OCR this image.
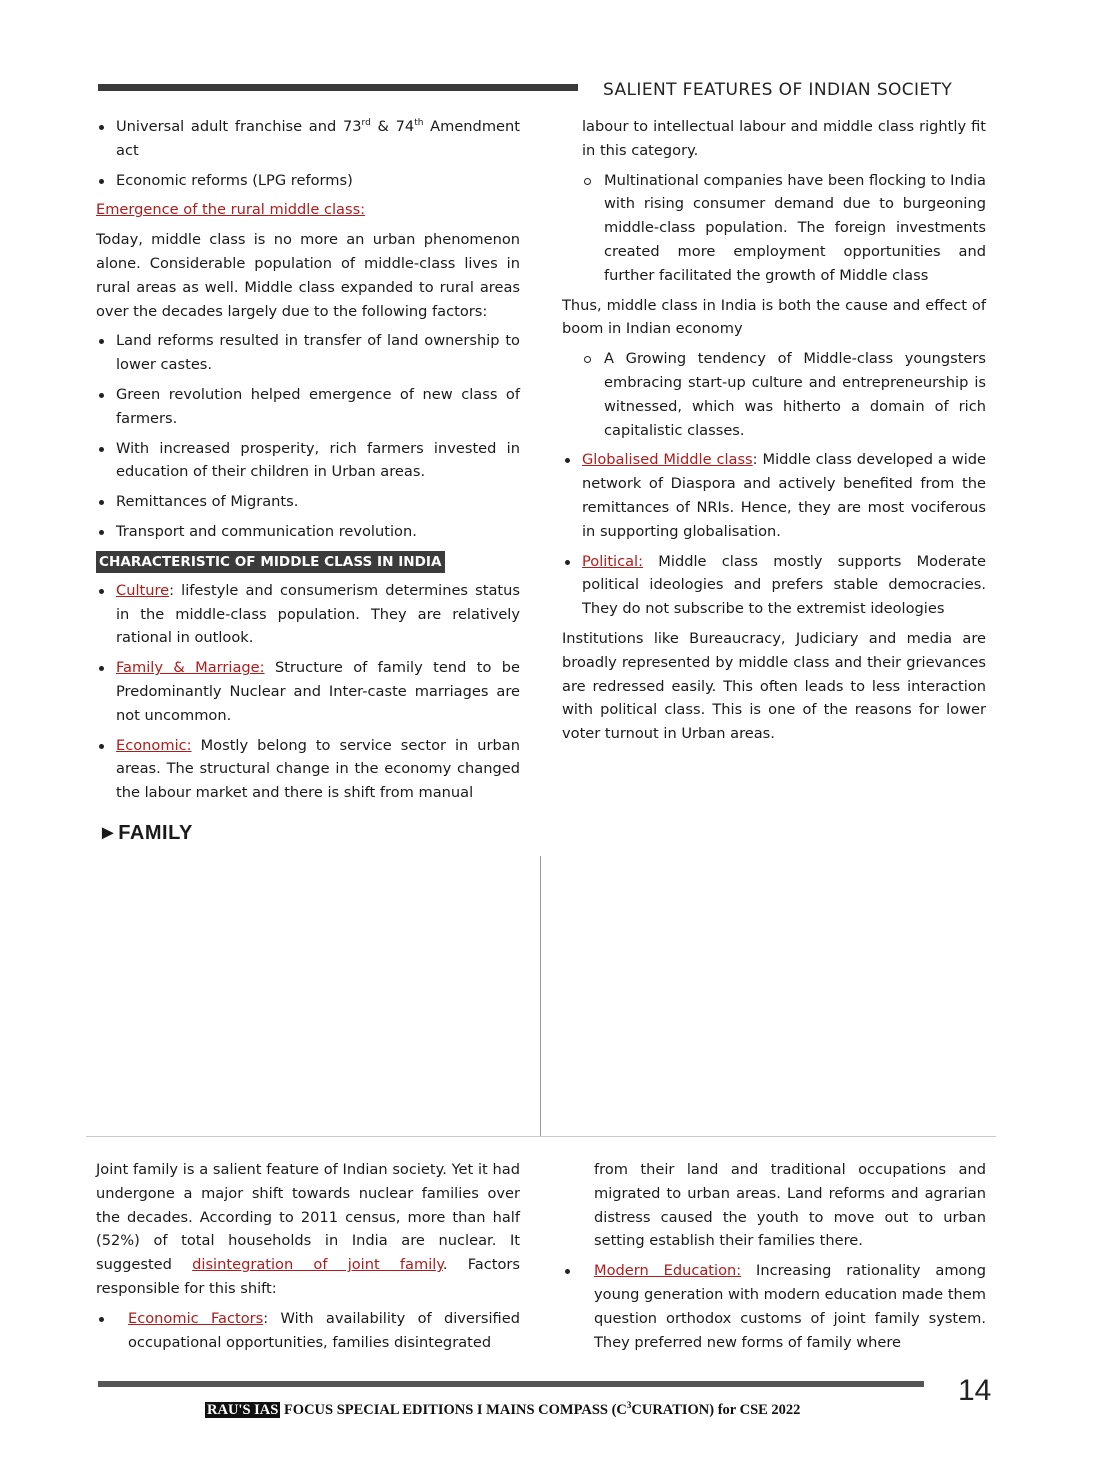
SALIENT FEATURES OF INDIAN SOCIETY
Universal adult franchise and 73rd & 74th Amendment act
Economic reforms (LPG reforms)
Emergence of the rural middle class:

Today, middle class is no more an urban phenomenon alone. Considerable population of middle-class lives in rural areas as well. Middle class expanded to rural areas over the decades largely due to the following factors:

Land reforms resulted in transfer of land ownership to lower castes.
Green revolution helped emergence of new class of farmers.
With increased prosperity, rich farmers invested in education of their children in Urban areas.
Remittances of Migrants.
Transport and communication revolution.
CHARACTERISTIC OF MIDDLE CLASS IN INDIA
Culture: lifestyle and consumerism determines status in the middle-class population. They are relatively rational in outlook.
Family & Marriage: Structure of family tend to be Predominantly Nuclear and Inter-caste marriages are not uncommon.
Economic: Mostly belong to service sector in urban areas. The structural change in the economy changed the labour market and there is shift from manual

labour to intellectual labour and middle class rightly fit in this category.

Multinational companies have been flocking to India with rising consumer demand due to burgeoning middle-class population. The foreign investments created more employment opportunities and further facilitated the growth of Middle class

Thus, middle class in India is both the cause and effect of boom in Indian economy

A Growing tendency of Middle-class youngsters embracing start-up culture and entrepreneurship is witnessed, which was hitherto a domain of rich capitalistic classes.
Globalised Middle class: Middle class developed a wide network of Diaspora and actively benefited from the remittances of NRIs. Hence, they are most vociferous in supporting globalisation.
Political: Middle class mostly supports Moderate political ideologies and prefers stable democracies. They do not subscribe to the extremist ideologies

Institutions like Bureaucracy, Judiciary and media are broadly represented by middle class and their grievances are redressed easily. This often leads to less interaction with political class. This is one of the reasons for lower voter turnout in Urban areas.

►FAMILY

Joint family is a salient feature of Indian society. Yet it had undergone a major shift towards nuclear families over the decades. According to 2011 census, more than half (52%) of total households in India are nuclear. It suggested disintegration of joint family. Factors responsible for this shift:

Economic Factors: With availability of diversified occupational opportunities, families disintegrated

from their land and traditional occupations and migrated to urban areas. Land reforms and agrarian distress caused the youth to move out to urban setting establish their families there.

Modern Education: Increasing rationality among young generation with modern education made them question orthodox customs of joint family system. They preferred new forms of family where
14
RAU'S IAS FOCUS SPECIAL EDITIONS I MAINS COMPASS $(C^3CURATION)$ for CSE 2022
